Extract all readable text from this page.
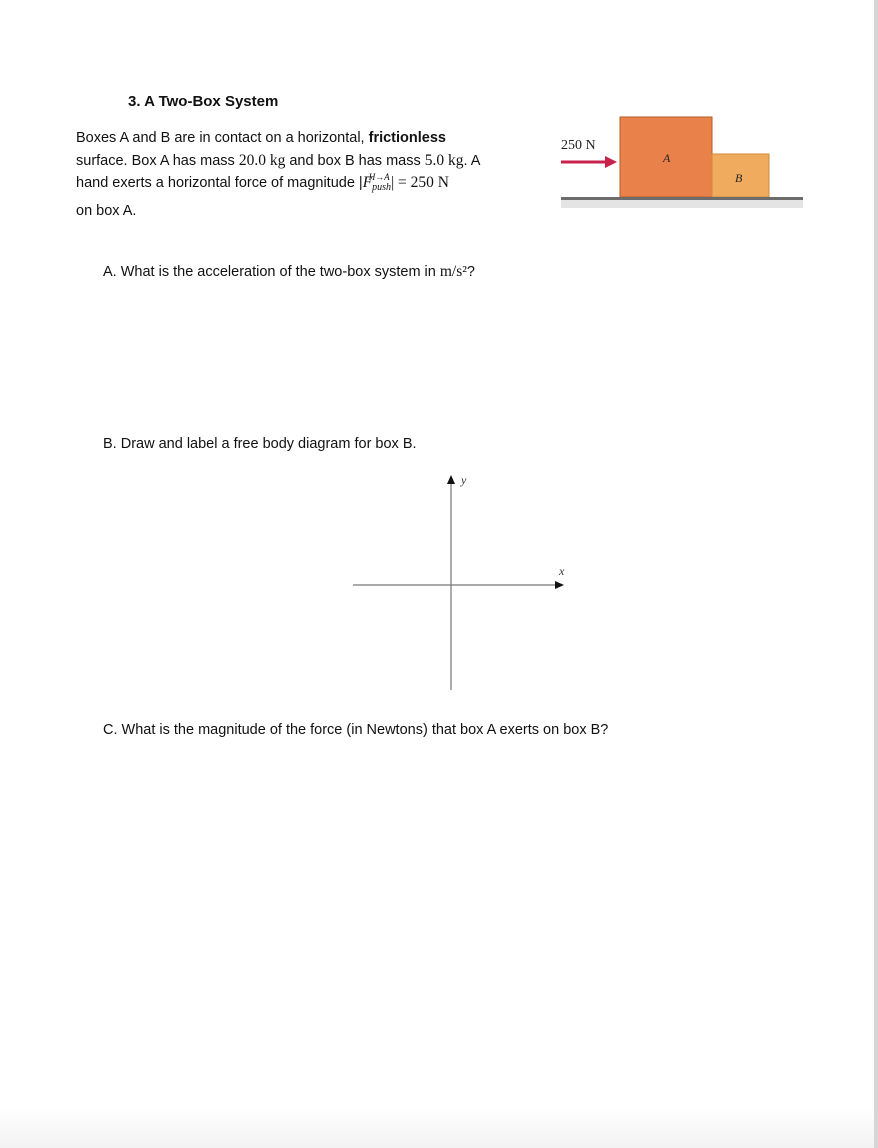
3. A Two-Box System
Boxes A and B are in contact on a horizontal, frictionless
surface. Box A has mass 20.0 kg and box B has mass 5.0 kg. A
hand exerts a horizontal force of magnitude |F
H→A
$_{push}$| = 250 N
on box A.
250 N
A
B
A. What is the acceleration of the two-box system in m/s²?
B. Draw and label a free body diagram for box B.
y
x
C. What is the magnitude of the force (in Newtons) that box A exerts on box B?
